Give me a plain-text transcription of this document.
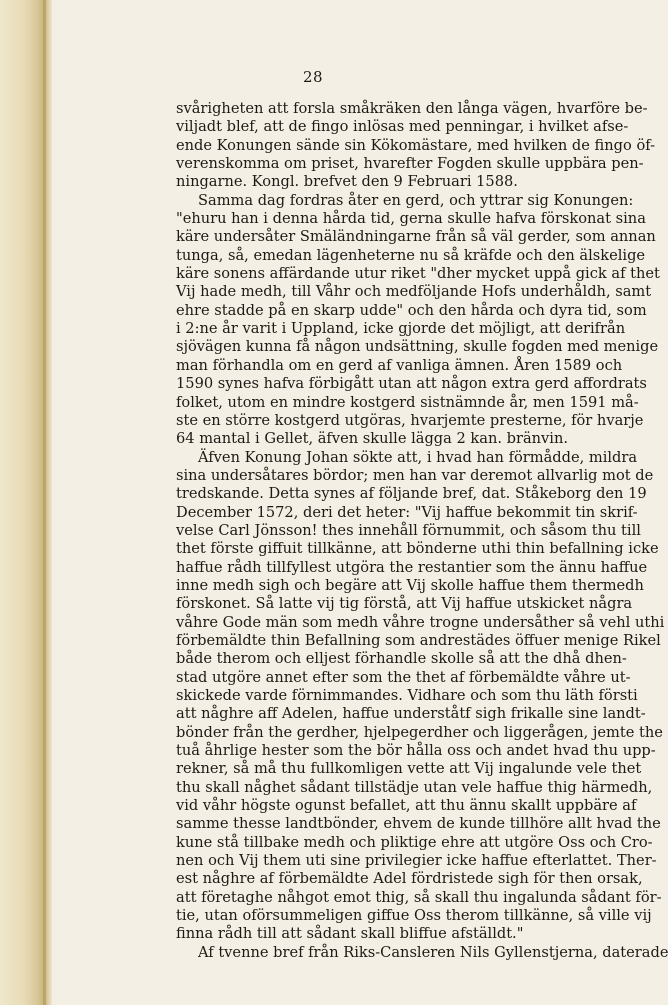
28
svårigheten att forsla småkräken den långa vägen, hvarföre be-
viljadt blef, att de fingo inlösas med penningar, i hvilket afse-
ende Konungen sände sin Kökomästare, med hvilken de fingo öf-
verenskomma om priset, hvarefter Fogden skulle uppbära pen-
ningarne. Kongl. brefvet den 9 Februari 1588.
Samma dag fordras åter en gerd, och yttrar sig Konungen:
"ehuru han i denna hårda tid, gerna skulle hafva förskonat sina
käre undersåter Smäländningarne från så väl gerder, som annan
tunga, så, emedan lägenheterne nu så kräfde och den älskelige
käre sonens affärdande utur riket "dher mycket uppå gick af thet
Vij hade medh, till Våhr och medföljande Hofs underhåldh, samt
ehre stadde på en skarp udde" och den hårda och dyra tid, som
i 2:ne år varit i Uppland, icke gjorde det möjligt, att derifrån
sjövägen kunna få någon undsättning, skulle fogden med menige
man förhandla om en gerd af vanliga ämnen. Åren 1589 och
1590 synes hafva förbigått utan att någon extra gerd affordrats
folket, utom en mindre kostgerd sistnämnde år, men 1591 må-
ste en större kostgerd utgöras, hvarjemte presterne, för hvarje
64 mantal i Gellet, äfven skulle lägga 2 kan. bränvin.
Äfven Konung Johan sökte att, i hvad han förmådde, mildra
sina undersåtares bördor; men han var deremot allvarlig mot de
tredskande. Detta synes af följande bref, dat. Ståkeborg den 19
December 1572, deri det heter: "Vij haffue bekommit tin skrif-
velse Carl Jönsson! thes innehåll förnummit, och såsom thu till
thet förste giffuit tillkänne, att bönderne uthi thin befallning icke
haffue rådh tillfyllest utgöra the restantier som the ännu haffue
inne medh sigh och begäre att Vij skolle haffue them thermedh
förskonet. Så latte vij tig förstå, att Vij haffue utskicket några
våhre Gode män som medh våhre trogne undersåther så vehl uthi
förbemäldte thin Befallning som andrestädes öffuer menige Rikel
både therom och elljest förhandle skolle så att the dhå dhen-
stad utgöre annet efter som the thet af förbemäldte våhre ut-
skickede varde förnimmandes. Vidhare och som thu läth försti
att någhre aff Adelen, haffue underståtf sigh frikalle sine landt-
bönder från the gerdher, hjelpegerdher och liggerågen, jemte the
tuå åhrlige hester som the bör hålla oss och andet hvad thu upp-
rekner, så må thu fullkomligen vette att Vij ingalunde vele thet
thu skall någhet sådant tillstädje utan vele haffue thig härmedh,
vid våhr högste ogunst befallet, att thu ännu skallt uppbäre af
samme thesse landtbönder, ehvem de kunde tillhöre allt hvad the
kune stå tillbake medh och pliktige ehre att utgöre Oss och Cro-
nen och Vij them uti sine privilegier icke haffue efterlattet. Ther-
est någhre af förbemäldte Adel fördristede sigh för then orsak,
att företaghe nåhgot emot thig, så skall thu ingalunda sådant för-
tie, utan oförsummeligen giffue Oss therom tillkänne, så ville vij
finna rådh till att sådant skall bliffue afställdt."
Af tvenne bref från Riks-Cansleren Nils Gyllenstjerna, daterade
